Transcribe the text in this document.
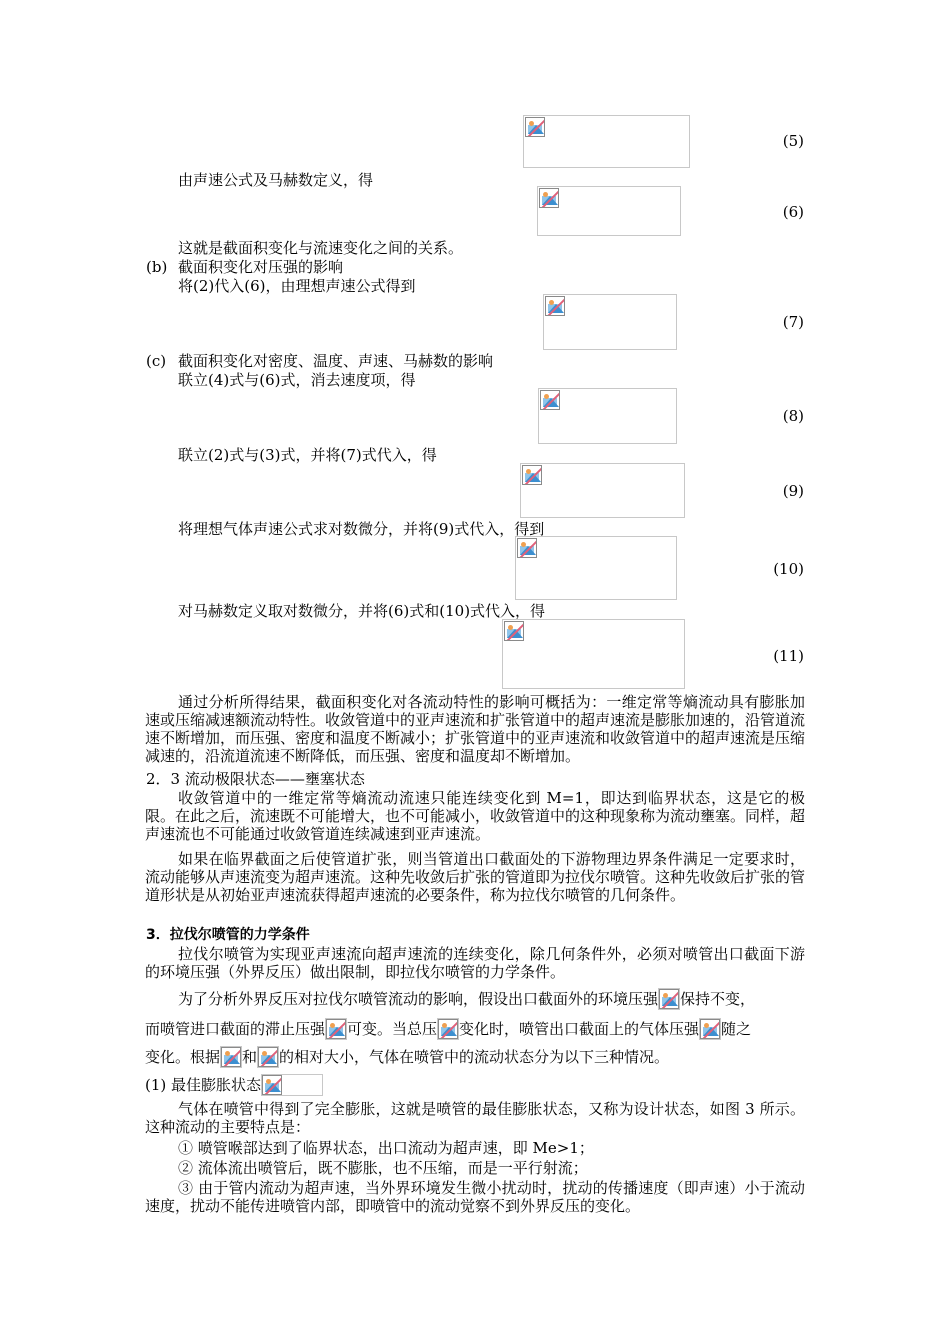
(5)
由声速公式及马赫数定义，得
(6)
这就是截面积变化与流速变化之间的关系。
(b) 截面积变化对压强的影响
将(2)代入(6)，由理想声速公式得到
(7)
(c) 截面积变化对密度、温度、声速、马赫数的影响
联立(4)式与(6)式，消去速度项，得
(8)
联立(2)式与(3)式，并将(7)式代入，得
(9)
将理想气体声速公式求对数微分，并将(9)式代入，得到
(10)
对马赫数定义取对数微分，并将(6)式和(10)式代入，得
(11)
通过分析所得结果，截面积变化对各流动特性的影响可概括为：一维定常等熵流动具有膨胀加速或压缩减速额流动特性。收敛管道中的亚声速流和扩张管道中的超声速流是膨胀加速的，沿管道流速不断增加，而压强、密度和温度不断减小；扩张管道中的亚声速流和收敛管道中的超声速流是压缩减速的，沿流道流速不断降低，而压强、密度和温度却不断增加。
2．3 流动极限状态——壅塞状态
收敛管道中的一维定常等熵流动流速只能连续变化到 M=1，即达到临界状态，这是它的极限。在此之后，流速既不可能增大，也不可能减小，收敛管道中的这种现象称为流动壅塞。同样，超声速流也不可能通过收敛管道连续减速到亚声速流。
如果在临界截面之后使管道扩张，则当管道出口截面处的下游物理边界条件满足一定要求时，流动能够从声速流变为超声速流。这种先收敛后扩张的管道即为拉伐尔喷管。这种先收敛后扩张的管道形状是从初始亚声速流获得超声速流的必要条件，称为拉伐尔喷管的几何条件。
3．拉伐尔喷管的力学条件
拉伐尔喷管为实现亚声速流向超声速流的连续变化，除几何条件外，必须对喷管出口截面下游的环境压强（外界反压）做出限制，即拉伐尔喷管的力学条件。
为了分析外界反压对拉伐尔喷管流动的影响，假设出口截面外的环境压强 保持不变，
而喷管进口截面的滞止压强 可变。当总压 变化时，喷管出口截面上的气体压强 随之
变化。根据 和 的相对大小，气体在喷管中的流动状态分为以下三种情况。
(1) 最佳膨胀状态
气体在喷管中得到了完全膨胀，这就是喷管的最佳膨胀状态，又称为设计状态，如图 3 所示。这种流动的主要特点是：
① 喷管喉部达到了临界状态，出口流动为超声速，即 Me>1；
② 流体流出喷管后，既不膨胀，也不压缩，而是一平行射流；
③ 由于管内流动为超声速，当外界环境发生微小扰动时，扰动的传播速度（即声速）小于流动速度，扰动不能传进喷管内部，即喷管中的流动觉察不到外界反压的变化。
